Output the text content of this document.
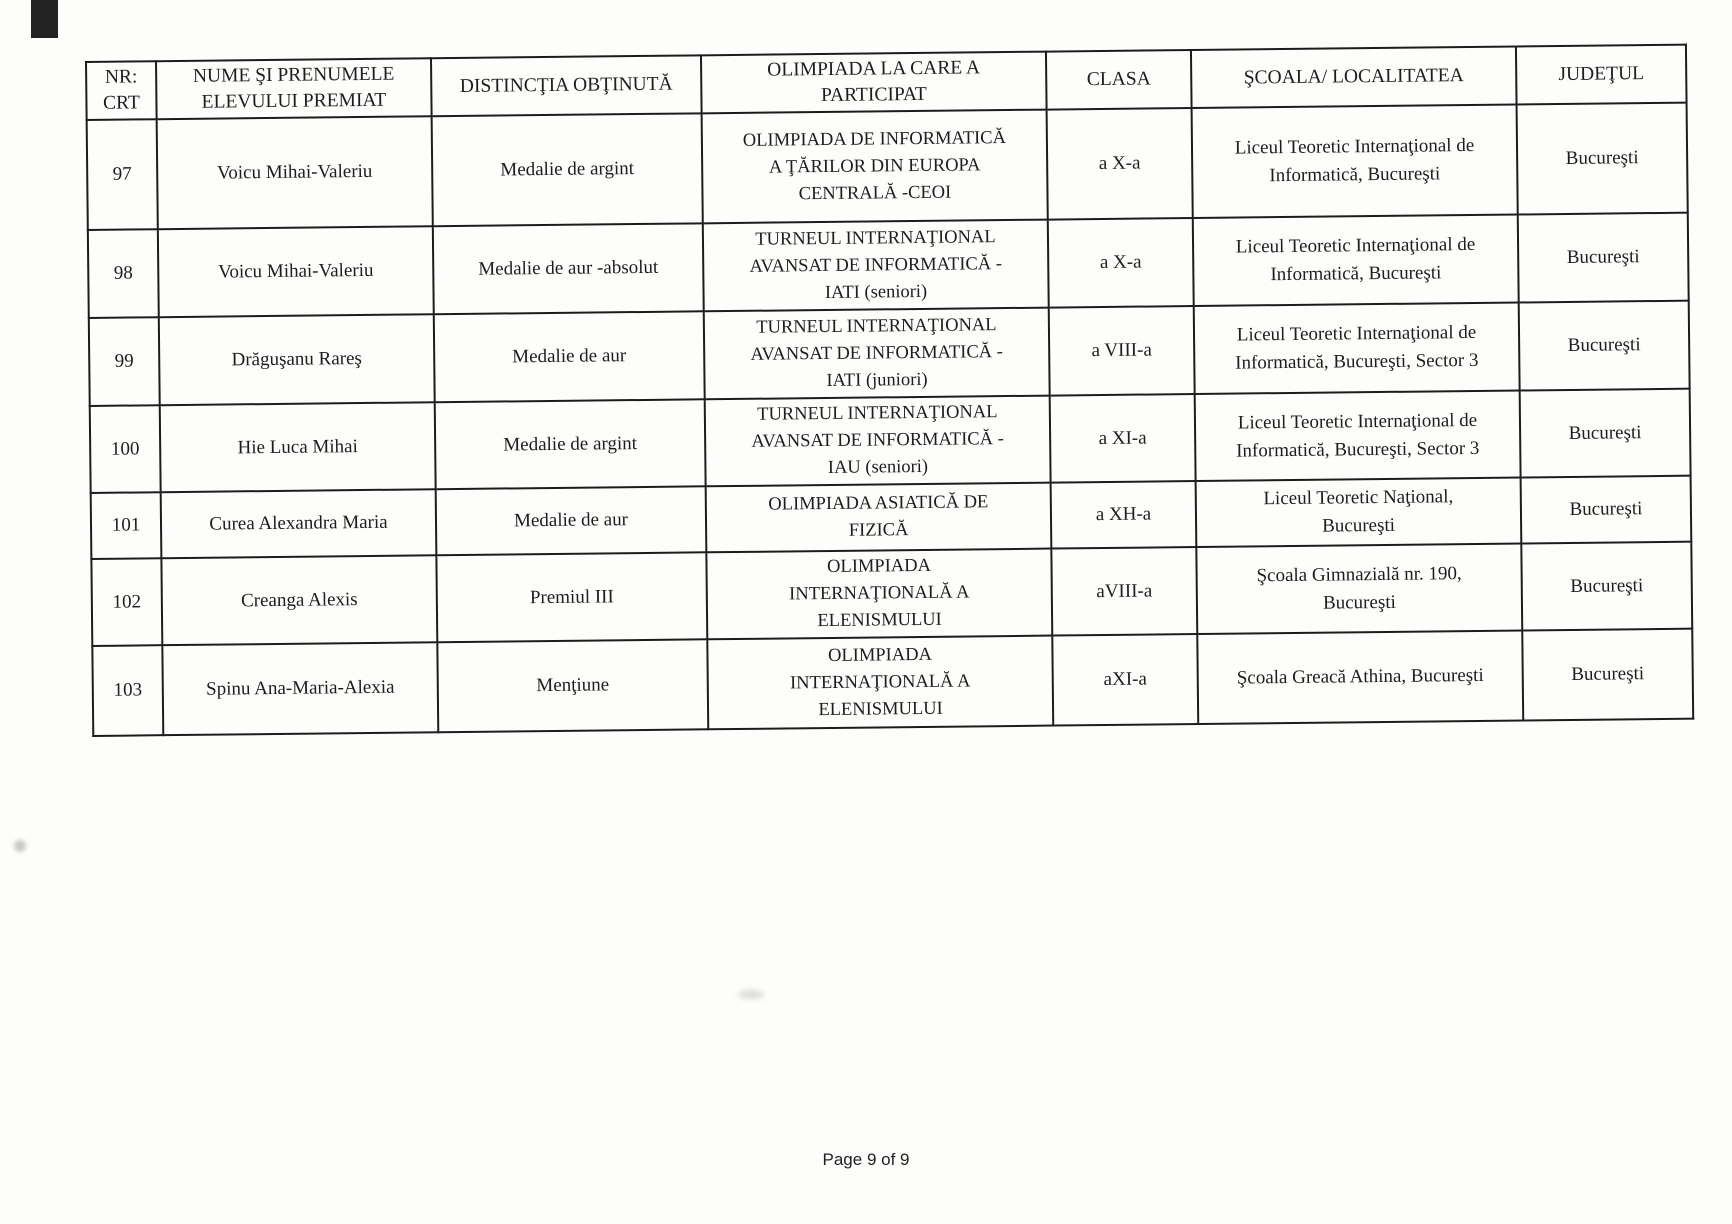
NR:
CRT	NUME ŞI PRENUMELE
ELEVULUI PREMIAT	DISTINCŢIA OBŢINUTĂ	OLIMPIADA LA CARE A
PARTICIPAT	CLASA	ŞCOALA/ LOCALITATEA	JUDEŢUL
97	Voicu Mihai-Valeriu	Medalie de argint	OLIMPIADA DE INFORMATICĂ
A ŢĂRILOR DIN EUROPA
CENTRALĂ -CEOI	a X-a	Liceul Teoretic Internaţional de
Informatică, Bucureşti	Bucureşti
98	Voicu Mihai-Valeriu	Medalie de aur -absolut	TURNEUL INTERNAŢIONAL
AVANSAT DE INFORMATICĂ -
IATI (seniori)	a X-a	Liceul Teoretic Internaţional de
Informatică, Bucureşti	Bucureşti
99	Drăguşanu Rareş	Medalie de aur	TURNEUL INTERNAŢIONAL
AVANSAT DE INFORMATICĂ -
IATI (juniori)	a VIII-a	Liceul Teoretic Internaţional de
Informatică, Bucureşti, Sector 3	Bucureşti
100	Hie Luca Mihai	Medalie de argint	TURNEUL INTERNAŢIONAL
AVANSAT DE INFORMATICĂ -
IAU (seniori)	a XI-a	Liceul Teoretic Internaţional de
Informatică, Bucureşti, Sector 3	Bucureşti
101	Curea Alexandra Maria	Medalie de aur	OLIMPIADA ASIATICĂ DE
FIZICĂ	a XH-a	Liceul Teoretic Naţional,
Bucureşti	Bucureşti
102	Creanga Alexis	Premiul III	OLIMPIADA
INTERNAŢIONALĂ A
ELENISMULUI	aVIII-a	Şcoala Gimnazială nr. 190,
Bucureşti	Bucureşti
103	Spinu Ana-Maria-Alexia	Menţiune	OLIMPIADA
INTERNAŢIONALĂ A
ELENISMULUI	aXI-a	Şcoala Greacă Athina, Bucureşti	Bucureşti
Page 9 of 9
